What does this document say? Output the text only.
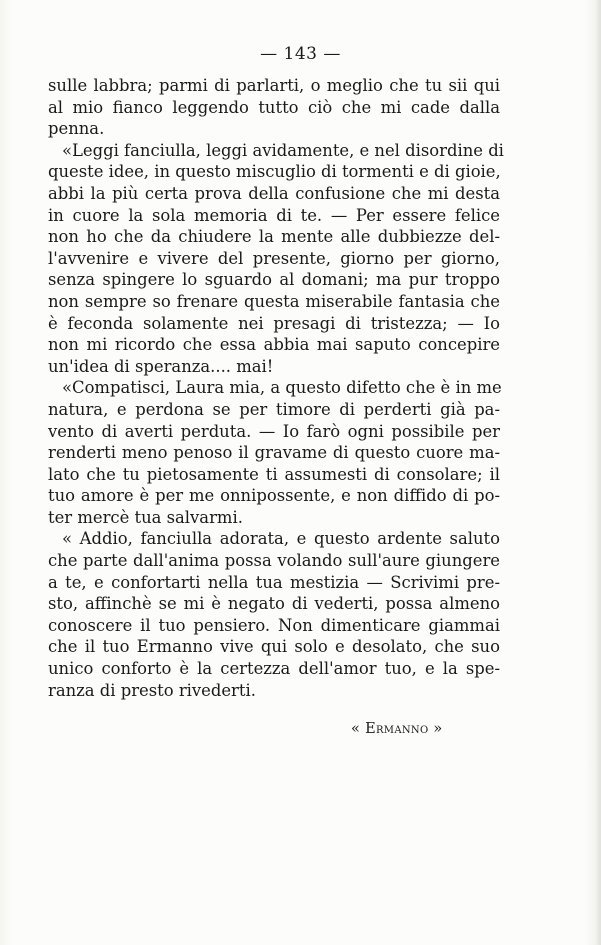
— 143 —
sulle labbra; parmi di parlarti, o meglio che tu sii qui
al mio fianco leggendo tutto ciò che mi cade dalla
penna.
«Leggi fanciulla, leggi avidamente, e nel disordine di
queste idee, in questo miscuglio di tormenti e di gioie,
abbi la più certa prova della confusione che mi desta
in cuore la sola memoria di te. — Per essere felice
non ho che da chiudere la mente alle dubbiezze del-
l'avvenire e vivere del presente, giorno per giorno,
senza spingere lo sguardo al domani; ma pur troppo
non sempre so frenare questa miserabile fantasia che
è feconda solamente nei presagi di tristezza; — Io
non mi ricordo che essa abbia mai saputo concepire
un'idea di speranza.... mai!
«Compatisci, Laura mia, a questo difetto che è in me
natura, e perdona se per timore di perderti già pa-
vento di averti perduta. — Io farò ogni possibile per
renderti meno penoso il gravame di questo cuore ma-
lato che tu pietosamente ti assumesti di consolare; il
tuo amore è per me onnipossente, e non diffido di po-
ter mercè tua salvarmi.
« Addio, fanciulla adorata, e questo ardente saluto
che parte dall'anima possa volando sull'aure giungere
a te, e confortarti nella tua mestizia — Scrivimi pre-
sto, affinchè se mi è negato di vederti, possa almeno
conoscere il tuo pensiero. Non dimenticare giammai
che il tuo Ermanno vive qui solo e desolato, che suo
unico conforto è la certezza dell'amor tuo, e la spe-
ranza di presto rivederti.
« Ermanno »
